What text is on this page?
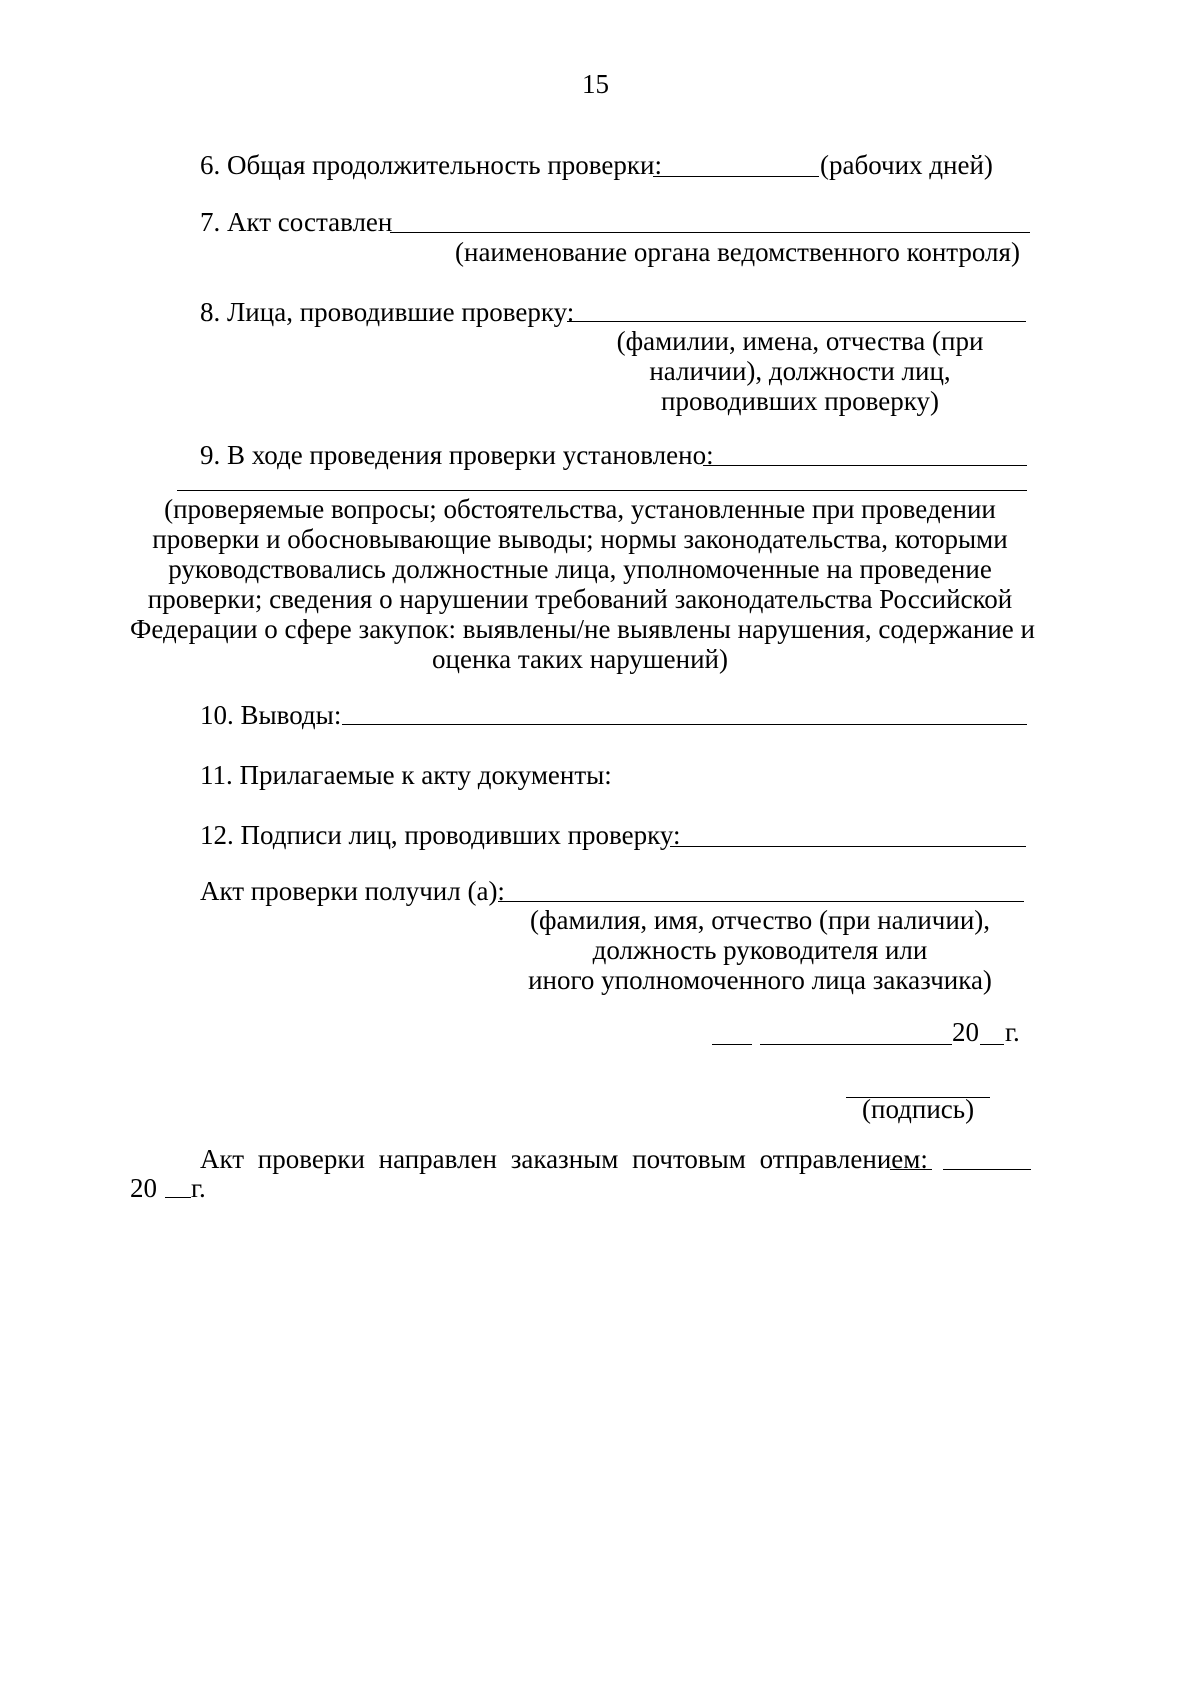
15
6. Общая продолжительность проверки:	(рабочих дней)
7. Акт составлен
(наименование органа ведомственного контроля)
8. Лица, проводившие проверку:
(фамилии, имена, отчества (при
наличии), должности лиц,
проводивших проверку)
9. В ходе проведения проверки установлено:
(проверяемые вопросы; обстоятельства, установленные при проведении
проверки и обосновывающие выводы; нормы законодательства, которыми
руководствовались должностные лица, уполномоченные на проведение
проверки; сведения о нарушении требований законодательства Российской
Федерации о сфере закупок: выявлены/не выявлены нарушения, содержание и
оценка таких нарушений)
10. Выводы:
11. Прилагаемые к акту документы:
12. Подписи лиц, проводивших проверку:
Акт проверки получил (а):
(фамилия, имя, отчество (при наличии),
должность руководителя или
иного уполномоченного лица заказчика)
20 г.
(подпись)
Акт проверки направлен заказным почтовым отправлением:
20 г.
